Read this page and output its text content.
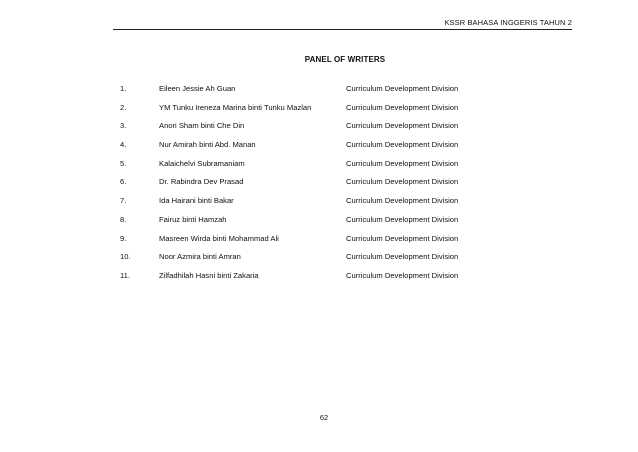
KSSR BAHASA INGGERIS TAHUN 2
PANEL OF WRITERS
1.	Eileen Jessie Ah Guan	Curriculum Development Division
2.	YM Tunku Ireneza Marina binti Tunku Mazlan	Curriculum Development Division
3.	Anori Sham binti Che Din	Curriculum Development Division
4.	Nur Amirah binti Abd. Manan	Curriculum Development Division
5.	Kalaichelvi Subramaniam	Curriculum Development Division
6.	Dr. Rabindra Dev Prasad	Curriculum Development Division
7.	Ida Hairani binti Bakar	Curriculum Development Division
8.	Fairuz binti Hamzah	Curriculum Development Division
9.	Masreen Wirda binti Mohammad Ali	Curriculum Development Division
10.	Noor Azmira binti Amran	Curriculum Development Division
11.	Zilfadhilah Hasni binti Zakaria	Curriculum Development Division
62
